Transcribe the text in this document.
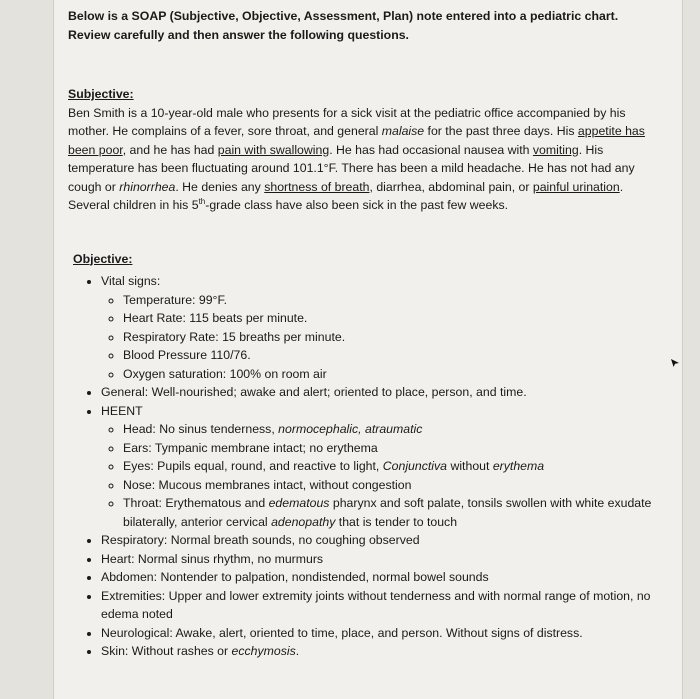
Below is a SOAP (Subjective, Objective, Assessment, Plan) note entered into a pediatric chart. Review carefully and then answer the following questions.

Subjective:

Ben Smith is a 10-year-old male who presents for a sick visit at the pediatric office accompanied by his mother. He complains of a fever, sore throat, and general malaise for the past three days. His appetite has been poor, and he has had pain with swallowing. He has had occasional nausea with vomiting. His temperature has been fluctuating around 101.1°F. There has been a mild headache. He has not had any cough or rhinorrhea. He denies any shortness of breath, diarrhea, abdominal pain, or painful urination. Several children in his 5th-grade class have also been sick in the past few weeks.

Objective:

• Vital signs:
◦ Temperature: 99°F.
◦ Heart Rate: 115 beats per minute.
◦ Respiratory Rate: 15 breaths per minute.
◦ Blood Pressure 110/76.
◦ Oxygen saturation: 100% on room air
• General: Well-nourished; awake and alert; oriented to place, person, and time.
• HEENT
◦ Head: No sinus tenderness, normocephalic, atraumatic
◦ Ears: Tympanic membrane intact; no erythema
◦ Eyes: Pupils equal, round, and reactive to light, Conjunctiva without erythema
◦ Nose: Mucous membranes intact, without congestion
◦ Throat: Erythematous and edematous pharynx and soft palate, tonsils swollen with white exudate bilaterally, anterior cervical adenopathy that is tender to touch
• Respiratory: Normal breath sounds, no coughing observed
• Heart: Normal sinus rhythm, no murmurs
• Abdomen: Nontender to palpation, nondistended, normal bowel sounds
• Extremities: Upper and lower extremity joints without tenderness and with normal range of motion, no edema noted
• Neurological: Awake, alert, oriented to time, place, and person. Without signs of distress.
• Skin: Without rashes or ecchymosis.
